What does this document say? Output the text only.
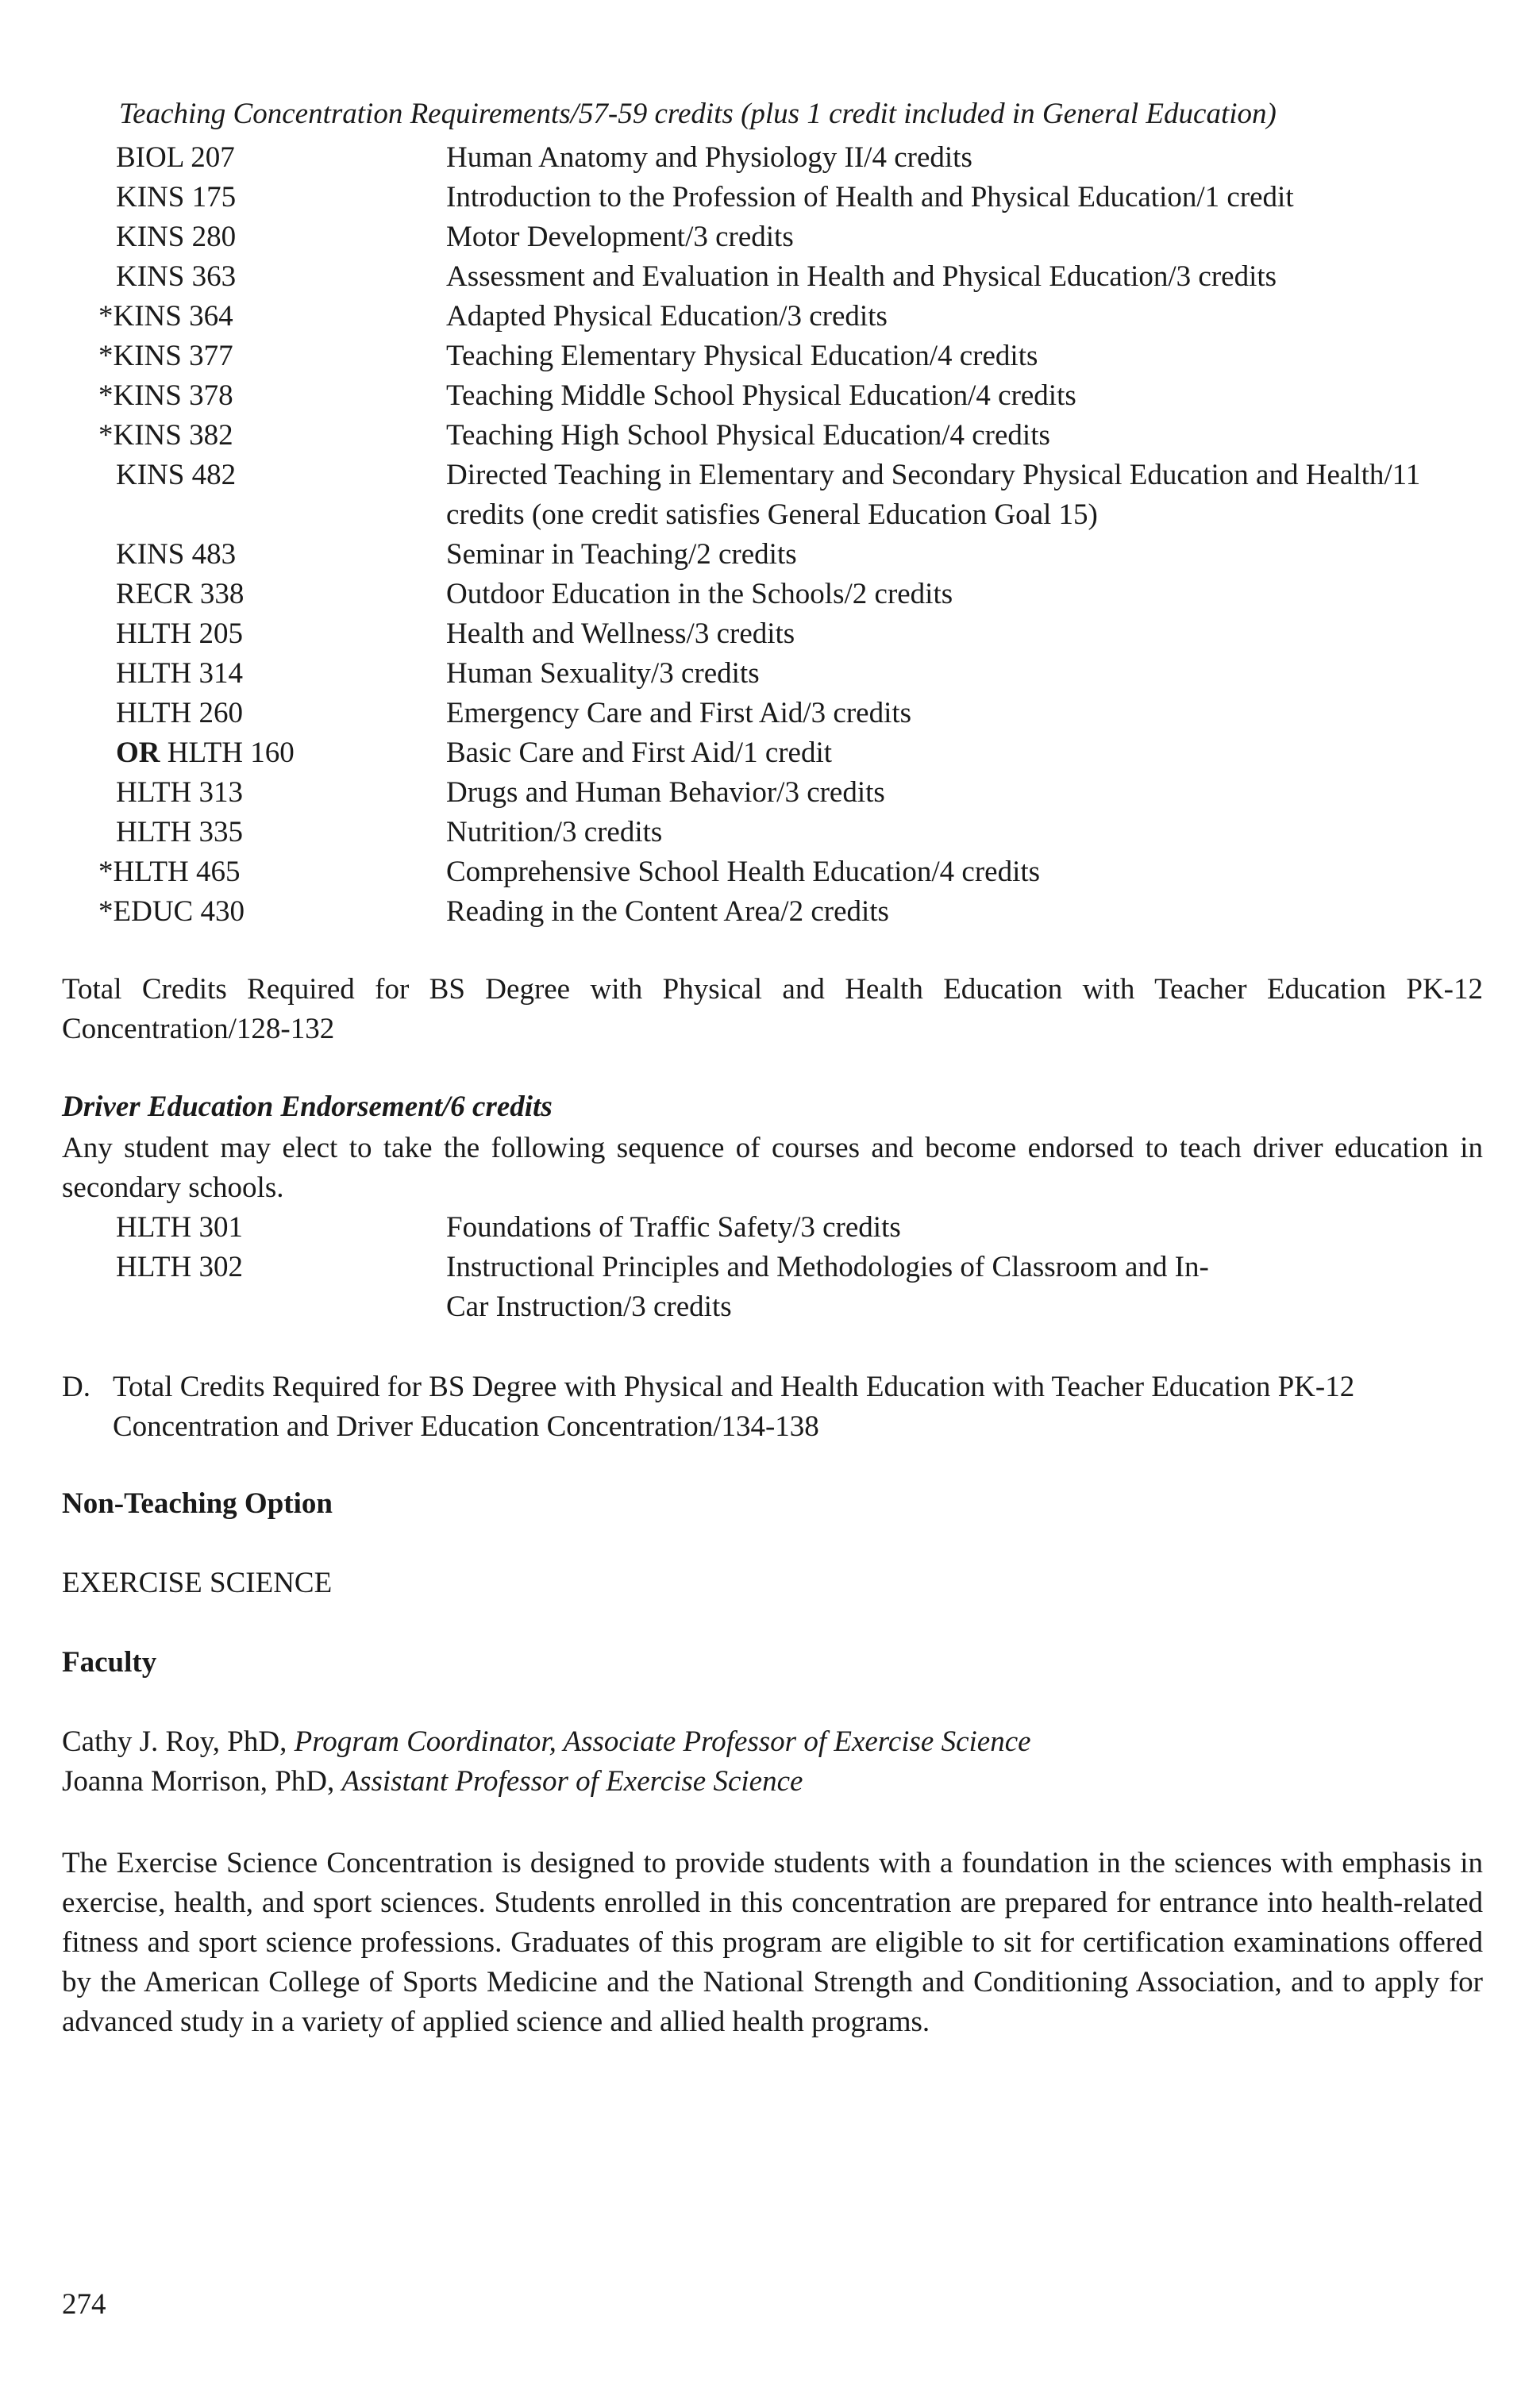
Teaching Concentration Requirements/57-59 credits (plus 1 credit included in General Education)
BIOL 207	Human Anatomy and Physiology II/4 credits
KINS 175	Introduction to the Profession of Health and Physical Education/1 credit
KINS 280	Motor Development/3 credits
KINS 363	Assessment and Evaluation in Health and Physical Education/3 credits
*KINS 364	Adapted Physical Education/3 credits
*KINS 377	Teaching Elementary Physical Education/4 credits
*KINS 378	Teaching Middle School Physical Education/4 credits
*KINS 382	Teaching High School Physical Education/4 credits
KINS 482	Directed Teaching in Elementary and Secondary Physical Education and Health/11 credits (one credit satisfies General Education Goal 15)
KINS 483	Seminar in Teaching/2 credits
RECR 338	Outdoor Education in the Schools/2 credits
HLTH 205	Health and Wellness/3 credits
HLTH 314	Human Sexuality/3 credits
HLTH 260	Emergency Care and First Aid/3 credits
OR HLTH 160	Basic Care and First Aid/1 credit
HLTH 313	Drugs and Human Behavior/3 credits
HLTH 335	Nutrition/3 credits
*HLTH 465	Comprehensive School Health Education/4 credits
*EDUC 430	Reading in the Content Area/2 credits
Total Credits Required for BS Degree with Physical and Health Education with Teacher Education PK-12 Concentration/128-132
Driver Education Endorsement/6 credits
Any student may elect to take the following sequence of courses and become endorsed to teach driver education in secondary schools.
HLTH 301	Foundations of Traffic Safety/3 credits
HLTH 302	Instructional Principles and Methodologies of Classroom and In-Car Instruction/3 credits
D. Total Credits Required for BS Degree with Physical and Health Education with Teacher Education PK-12 Concentration and Driver Education Concentration/134-138
Non-Teaching Option
EXERCISE SCIENCE
Faculty
Cathy J. Roy, PhD, Program Coordinator, Associate Professor of Exercise Science
Joanna Morrison, PhD, Assistant Professor of Exercise Science
The Exercise Science Concentration is designed to provide students with a foundation in the sciences with emphasis in exercise, health, and sport sciences. Students enrolled in this concentration are prepared for entrance into health-related fitness and sport science professions. Graduates of this program are eligible to sit for certification examinations offered by the American College of Sports Medicine and the National Strength and Conditioning Association, and to apply for advanced study in a variety of applied science and allied health programs.
274
